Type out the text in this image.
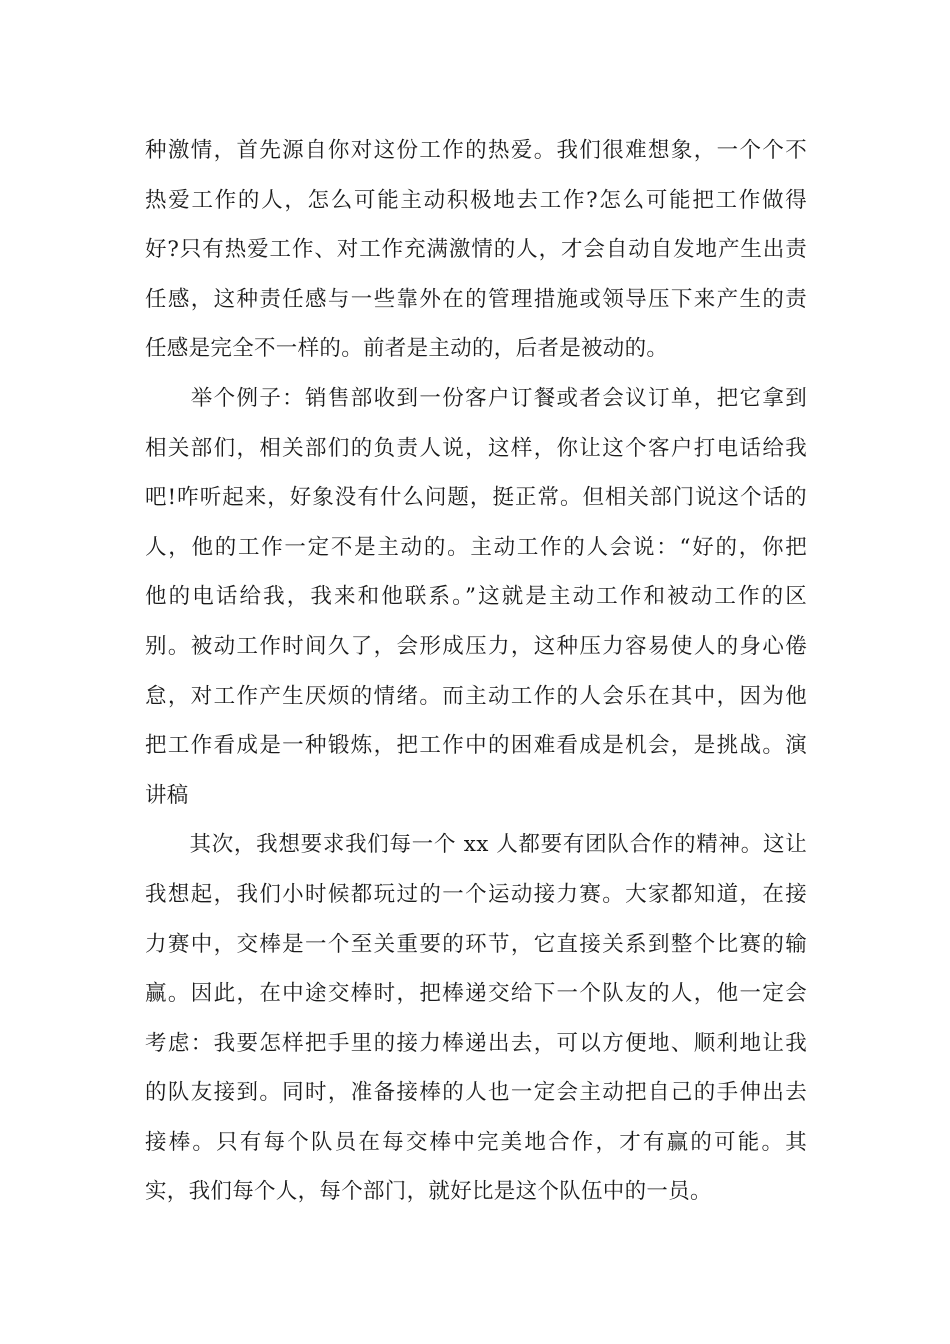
种激情，首先源自你对这份工作的热爱。我们很难想象，一个个不
热爱工作的人，怎么可能主动积极地去工作?怎么可能把工作做得
好?只有热爱工作、对工作充满激情的人，才会自动自发地产生出责
任感，这种责任感与一些靠外在的管理措施或领导压下来产生的责
任感是完全不一样的。前者是主动的，后者是被动的。
　　举个例子：销售部收到一份客户订餐或者会议订单，把它拿到
相关部们，相关部们的负责人说，这样，你让这个客户打电话给我
吧!咋听起来，好象没有什么问题，挺正常。但相关部门说这个话的
人，他的工作一定不是主动的。主动工作的人会说：“好的，你把
他的电话给我，我来和他联系。”这就是主动工作和被动工作的区
别。被动工作时间久了，会形成压力，这种压力容易使人的身心倦
怠，对工作产生厌烦的情绪。而主动工作的人会乐在其中，因为他
把工作看成是一种锻炼，把工作中的困难看成是机会，是挑战。演
讲稿
　　其次，我想要求我们每一个 xx 人都要有团队合作的精神。这让
我想起，我们小时候都玩过的一个运动接力赛。大家都知道，在接
力赛中，交棒是一个至关重要的环节，它直接关系到整个比赛的输
赢。因此，在中途交棒时，把棒递交给下一个队友的人，他一定会
考虑：我要怎样把手里的接力棒递出去，可以方便地、顺利地让我
的队友接到。同时，准备接棒的人也一定会主动把自己的手伸出去
接棒。只有每个队员在每交棒中完美地合作，才有赢的可能。其
实，我们每个人，每个部门，就好比是这个队伍中的一员。
